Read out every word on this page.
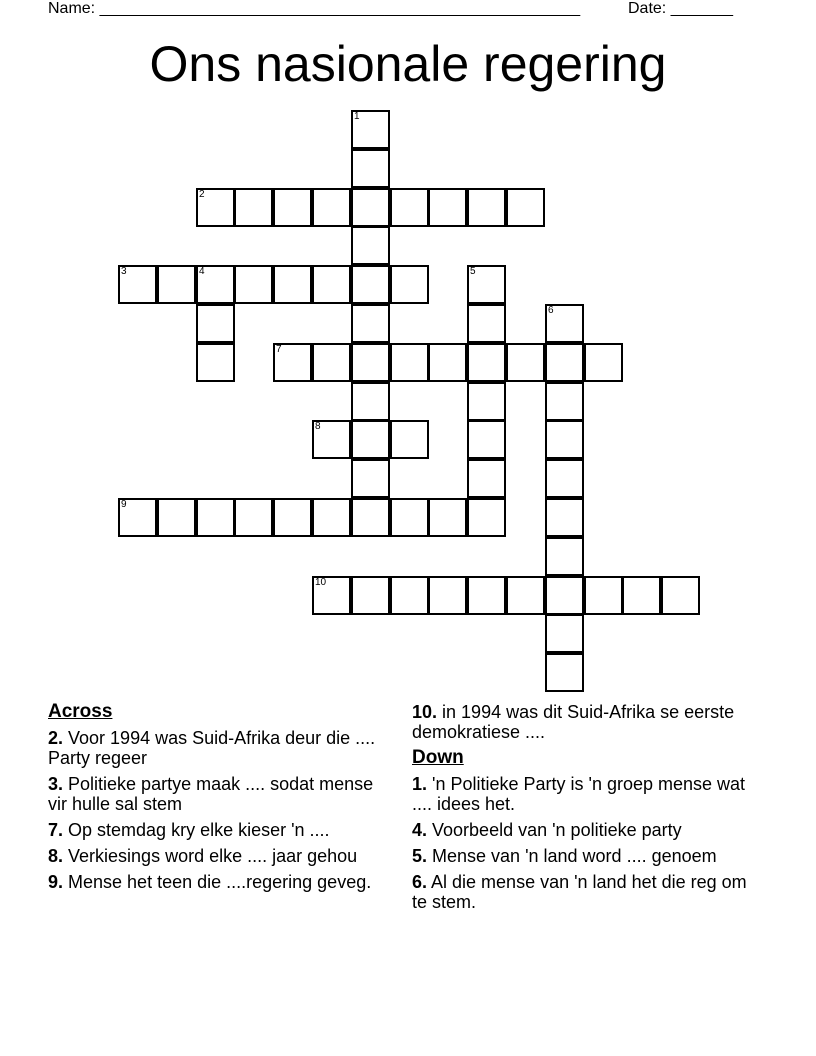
Name: ______________________________________________________	Date: _______
Ons nasionale regering
1
2
3	4	5
6
7
8
9
10
Across
2. Voor 1994 was Suid-Afrika deur die .... Party regeer
3. Politieke partye maak .... sodat mense vir hulle sal stem
7. Op stemdag kry elke kieser 'n ....
8. Verkiesings word elke .... jaar gehou
9. Mense het teen die ....regering geveg.
10. in 1994 was dit Suid-Afrika se eerste demokratiese ....
Down
1. 'n Politieke Party is 'n groep mense wat .... idees het.
4. Voorbeeld van 'n politieke party
5. Mense van 'n land word .... genoem
6. Al die mense van 'n land het die reg om te stem.
